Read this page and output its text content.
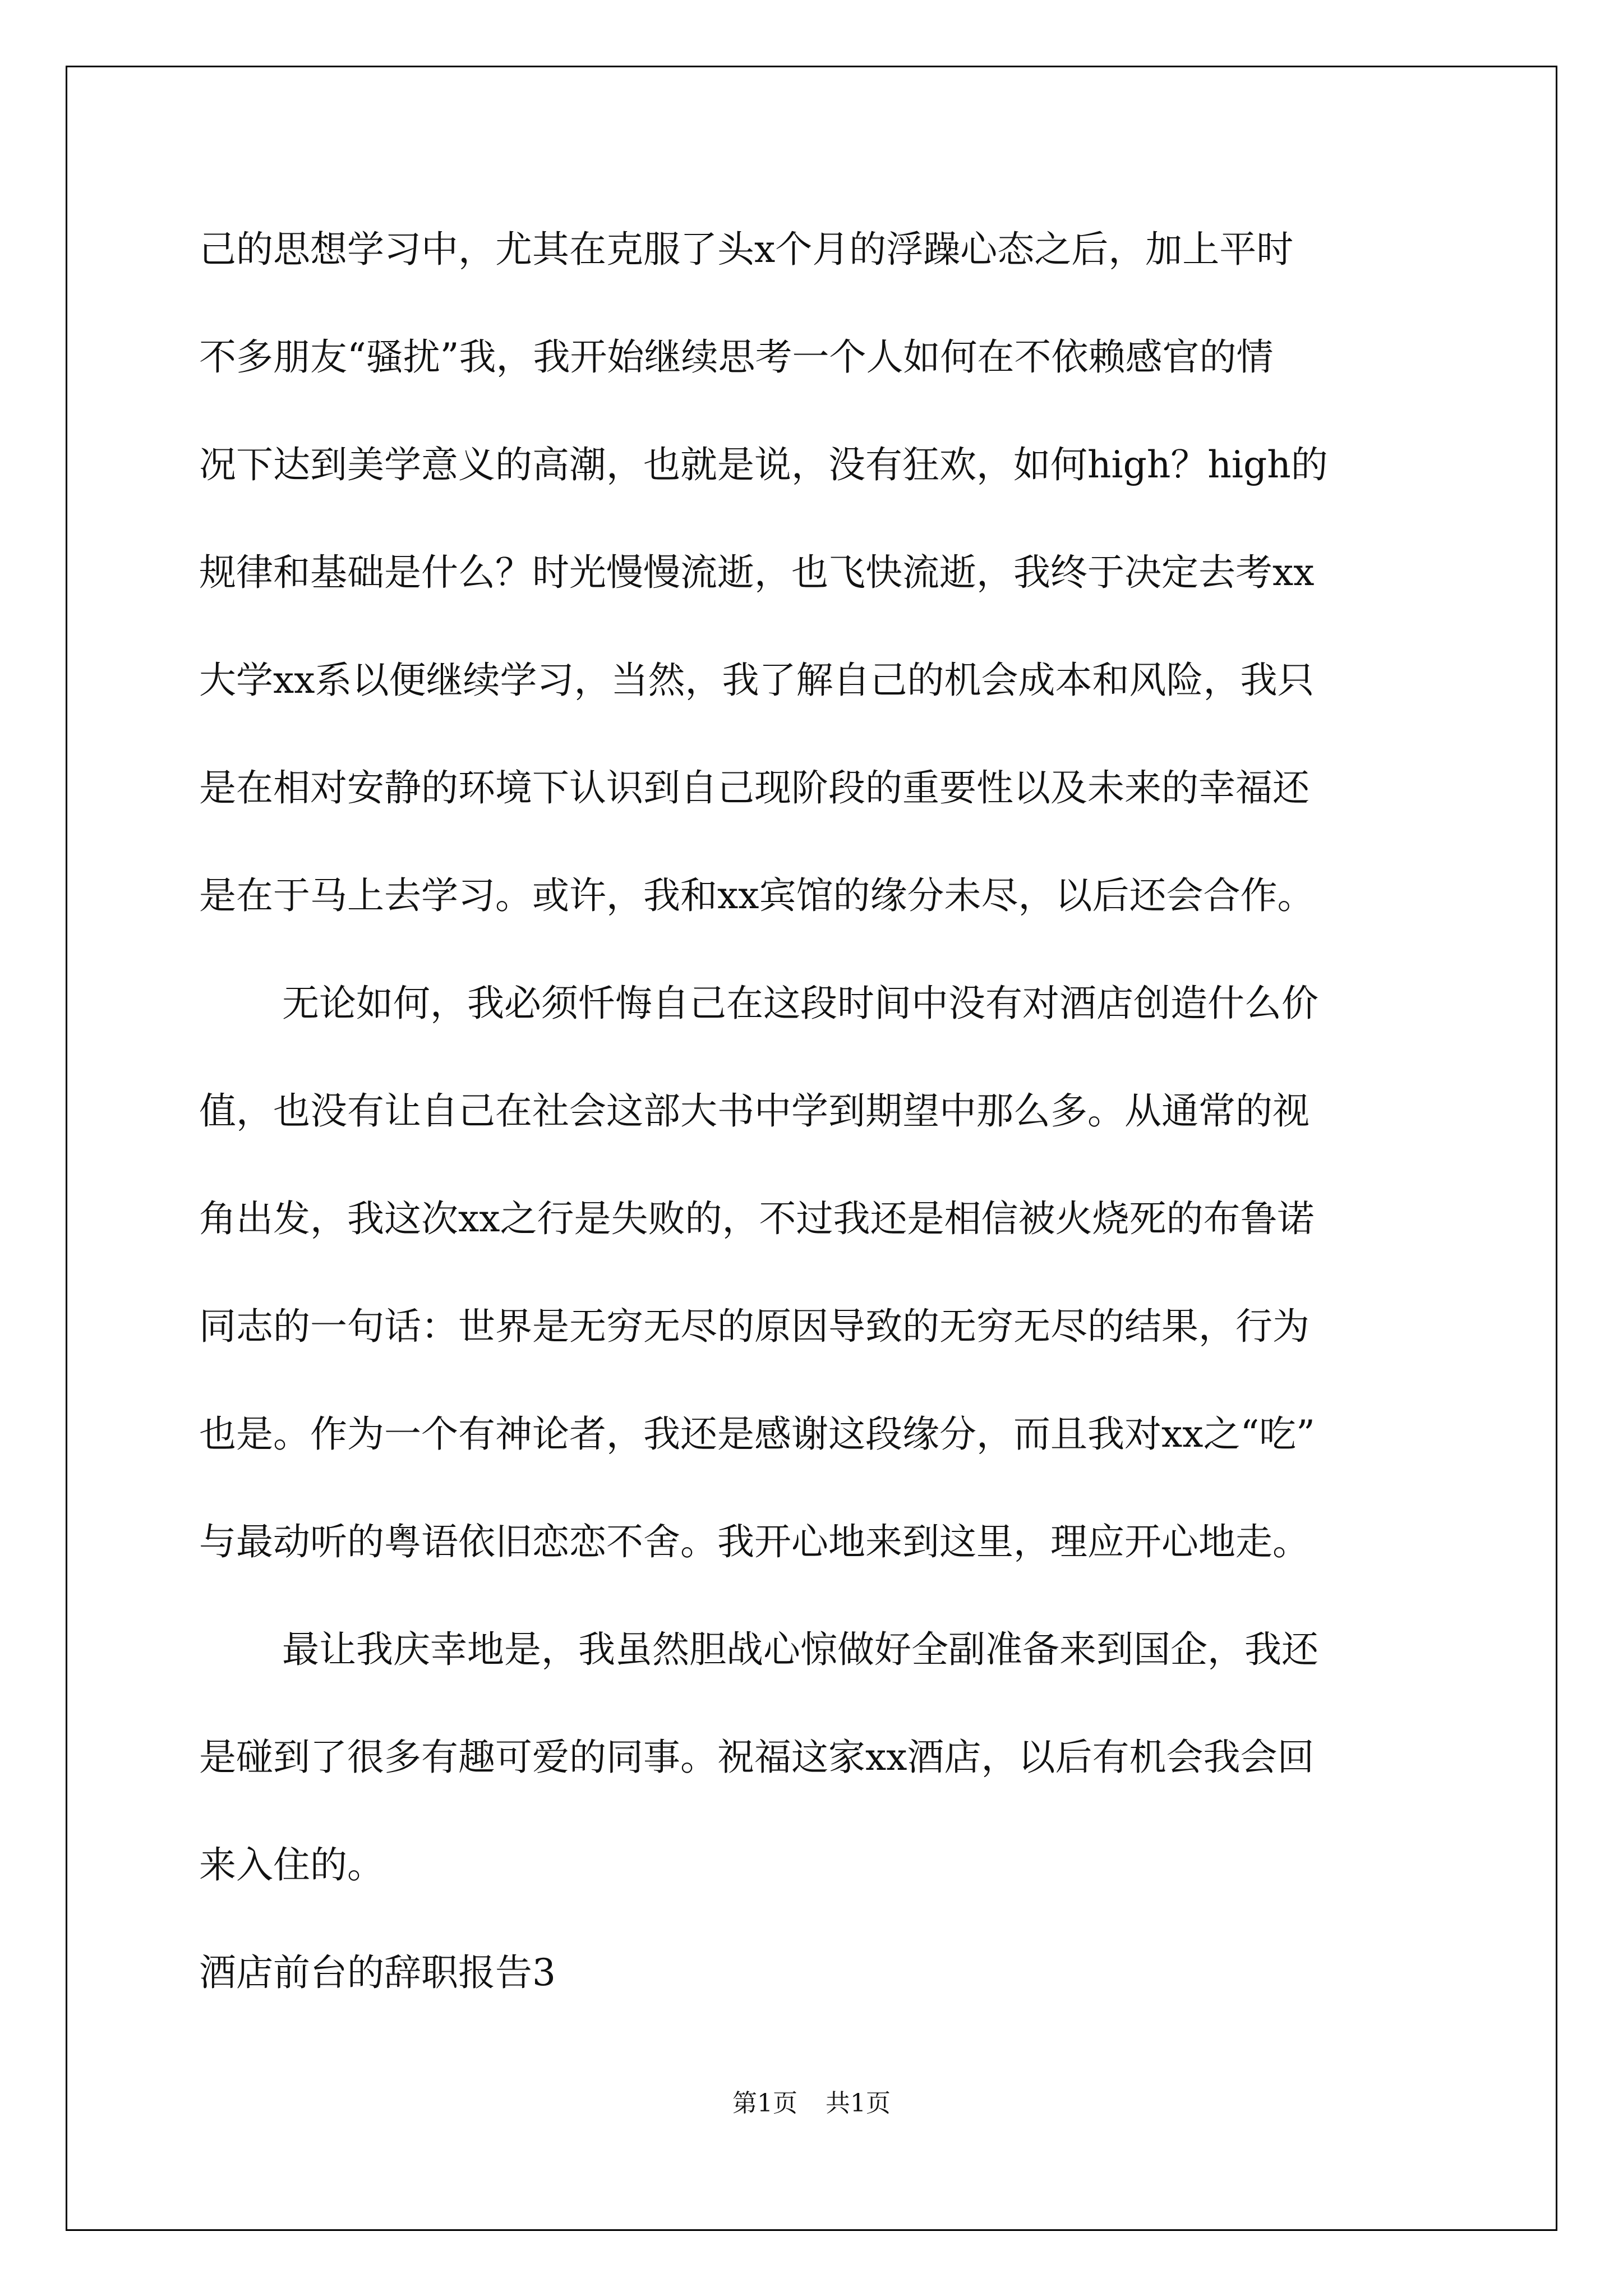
己的思想学习中，尤其在克服了头x个月的浮躁心态之后，加上平时
不多朋友“骚扰”我，我开始继续思考一个人如何在不依赖感官的情
况下达到美学意义的高潮，也就是说，没有狂欢，如何high？high的
规律和基础是什么？时光慢慢流逝，也飞快流逝，我终于决定去考xx
大学xx系以便继续学习，当然，我了解自己的机会成本和风险，我只
是在相对安静的环境下认识到自己现阶段的重要性以及未来的幸福还
是在于马上去学习。或许，我和xx宾馆的缘分未尽，以后还会合作。
无论如何，我必须忏悔自己在这段时间中没有对酒店创造什么价
值，也没有让自己在社会这部大书中学到期望中那么多。从通常的视
角出发，我这次xx之行是失败的，不过我还是相信被火烧死的布鲁诺
同志的一句话：世界是无穷无尽的原因导致的无穷无尽的结果，行为
也是。作为一个有神论者，我还是感谢这段缘分，而且我对xx之“吃”
与最动听的粤语依旧恋恋不舍。我开心地来到这里，理应开心地走。
最让我庆幸地是，我虽然胆战心惊做好全副准备来到国企，我还
是碰到了很多有趣可爱的同事。祝福这家xx酒店，以后有机会我会回
来入住的。
酒店前台的辞职报告3
第1页 共1页
